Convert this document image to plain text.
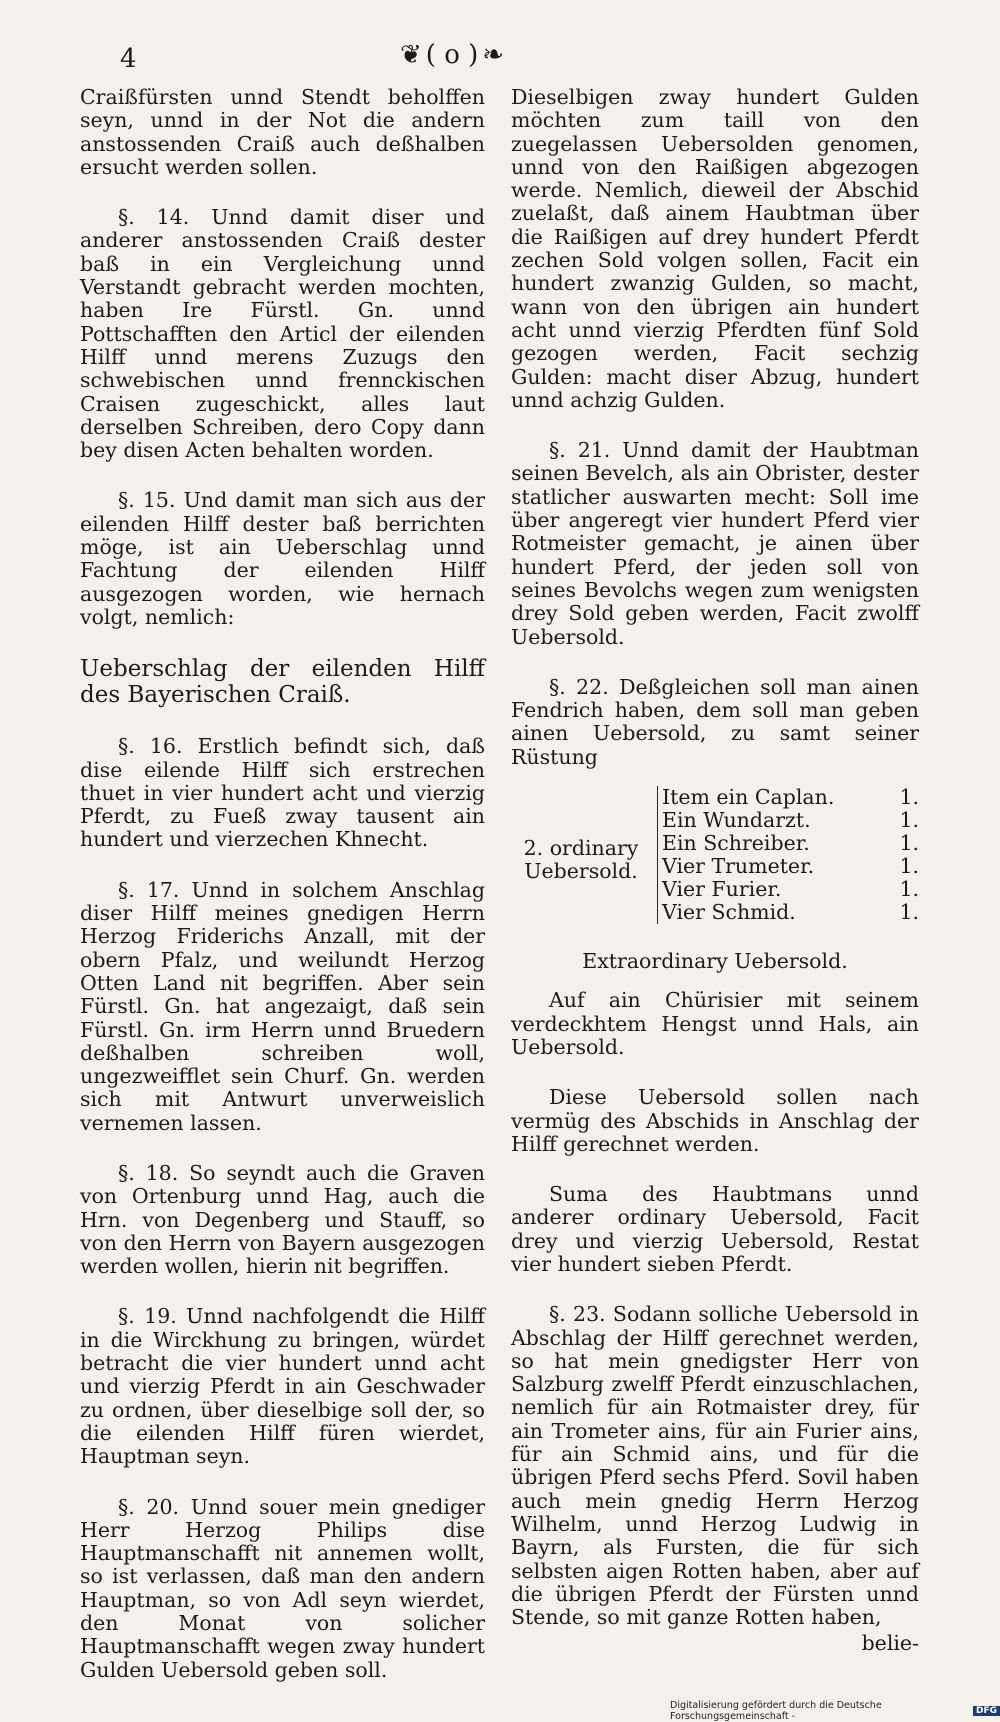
4	❦ ( o ) ❧

Craißfürsten unnd Stendt beholffen seyn, unnd in der Not die andern anstossenden Craiß auch deßhalben ersucht werden sollen.

§. 14. Unnd damit diser und anderer anstossenden Craiß dester baß in ein Vergleichung unnd Verstandt gebracht werden mochten, haben Ire Fürstl. Gn. unnd Pottschafften den Articl der eilenden Hilff unnd merens Zuzugs den schwebischen unnd frennckischen Craisen zugeschickt, alles laut derselben Schreiben, dero Copy dann bey disen Acten behalten worden.

§. 15. Und damit man sich aus der eilenden Hilff dester baß berrichten möge, ist ain Ueberschlag unnd Fachtung der eilenden Hilff ausgezogen worden, wie hernach volgt, nemlich:

Ueberschlag der eilenden Hilff des Bayerischen Craiß.

§. 16. Erstlich befindt sich, daß dise eilende Hilff sich erstrechen thuet in vier hundert acht und vierzig Pferdt, zu Fueß zway tausent ain hundert und vierzechen Khnecht.

§. 17. Unnd in solchem Anschlag diser Hilff meines gnedigen Herrn Herzog Friderichs Anzall, mit der obern Pfalz, und weilundt Herzog Otten Land nit begriffen. Aber sein Fürstl. Gn. hat angezaigt, daß sein Fürstl. Gn. irm Herrn unnd Bruedern deßhalben schreiben woll, ungezweifflet sein Churf. Gn. werden sich mit Antwurt unverweislich vernemen lassen.

§. 18. So seyndt auch die Graven von Ortenburg unnd Hag, auch die Hrn. von Degenberg und Stauff, so von den Herrn von Bayern ausgezogen werden wollen, hierin nit begriffen.

§. 19. Unnd nachfolgendt die Hilff in die Wirckhung zu bringen, würdet betracht die vier hundert unnd acht und vierzig Pferdt in ain Geschwader zu ordnen, über dieselbige soll der, so die eilenden Hilff füren wierdet, Hauptman seyn.

§. 20. Unnd souer mein gnediger Herr Herzog Philips dise Hauptmanschafft nit annemen wollt, so ist verlassen, daß man den andern Hauptman, so von Adl seyn wierdet, den Monat von solicher Hauptmanschafft wegen zway hundert Gulden Uebersold geben soll.

Dieselbigen zway hundert Gulden möchten zum taill von den zuegelassen Uebersolden genomen, unnd von den Raißigen abgezogen werde. Nemlich, dieweil der Abschid zuelaßt, daß ainem Haubtman über die Raißigen auf drey hundert Pferdt zechen Sold volgen sollen, Facit ein hundert zwanzig Gulden, so macht, wann von den übrigen ain hundert acht unnd vierzig Pferdten fünf Sold gezogen werden, Facit sechzig Gulden: macht diser Abzug, hundert unnd achzig Gulden.

§. 21. Unnd damit der Haubtman seinen Bevelch, als ain Obrister, dester statlicher auswarten mecht: Soll ime über angeregt vier hundert Pferd vier Rotmeister gemacht, je ainen über hundert Pferd, der jeden soll von seines Bevolchs wegen zum wenigsten drey Sold geben werden, Facit zwolff Uebersold.

§. 22. Deßgleichen soll man ainen Fendrich haben, dem soll man geben ainen Uebersold, zu samt seiner Rüstung

2. ordinary
Uebersold.
Item ein Caplan.	1.
Ein Wundarzt.	1.
Ein Schreiber.	1.
Vier Trumeter.	1.
Vier Furier.	1.
Vier Schmid.	1.

Extraordinary Uebersold.

Auf ain Chürisier mit seinem verdeckhtem Hengst unnd Hals, ain Uebersold.

Diese Uebersold sollen nach vermüg des Abschids in Anschlag der Hilff gerechnet werden.

Suma des Haubtmans unnd anderer ordinary Uebersold, Facit drey und vierzig Uebersold, Restat vier hundert sieben Pferdt.

§. 23. Sodann solliche Uebersold in Abschlag der Hilff gerechnet werden, so hat mein gnedigster Herr von Salzburg zwelff Pferdt einzuschlachen, nemlich für ain Rotmaister drey, für ain Trometer ains, für ain Furier ains, für ain Schmid ains, und für die übrigen Pferd sechs Pferd. Sovil haben auch mein gnedig Herrn Herzog Wilhelm, unnd Herzog Ludwig in Bayrn, als Fursten, die für sich selbsten aigen Rotten haben, aber auf die übrigen Pferdt der Fürsten unnd Stende, so mit ganze Rotten haben,

belie-

Digitalisierung gefördert durch die Deutsche Forschungsgemeinschaft -	DFG
